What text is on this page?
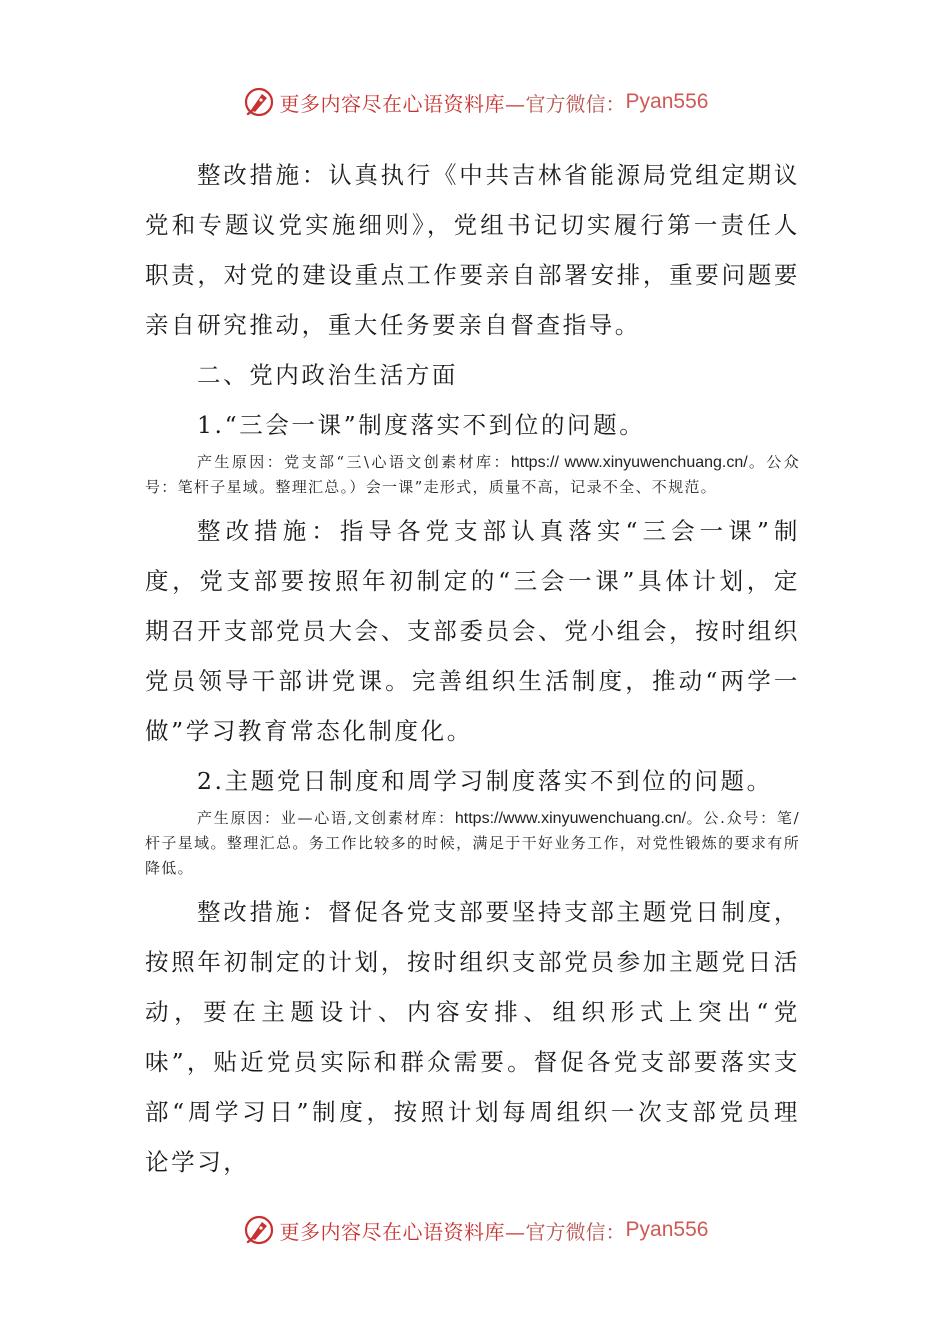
更多内容尽在心语资料库— 官方微信： Pyan556

整改措施：认真执行《中共吉林省能源局党组定期议党和专题议党实施细则》，党组书记切实履行第一责任人职责，对党的建设重点工作要亲自部署安排，重要问题要亲自研究推动，重大任务要亲自督查指导。

二、党内政治生活方面

1.“三会一课”制度落实不到位的问题。

产生原因：党支部“三\心语文创素材库：https:// www.xinyuwenchuang.cn/。公众号：笔杆子星域。整理汇总。）会一课”走形式，质量不高，记录不全、不规范。

整改措施：指导各党支部认真落实“三会一课”制度，党支部要按照年初制定的“三会一课”具体计划，定期召开支部党员大会、支部委员会、党小组会，按时组织党员领导干部讲党课。完善组织生活制度，推动“两学一做”学习教育常态化制度化。

2.主题党日制度和周学习制度落实不到位的问题。

产生原因：业—心语,文创素材库：https://www.xinyuwenchuang.cn/。公.众号：笔/杆子星域。整理汇总。务工作比较多的时候，满足于干好业务工作，对党性锻炼的要求有所降低。

整改措施：督促各党支部要坚持支部主题党日制度，按照年初制定的计划，按时组织支部党员参加主题党日活动，要在主题设计、内容安排、组织形式上突出“党味”，贴近党员实际和群众需要。督促各党支部要落实支部“周学习日”制度，按照计划每周组织一次支部党员理论学习，

更多内容尽在心语资料库— 官方微信： Pyan556
